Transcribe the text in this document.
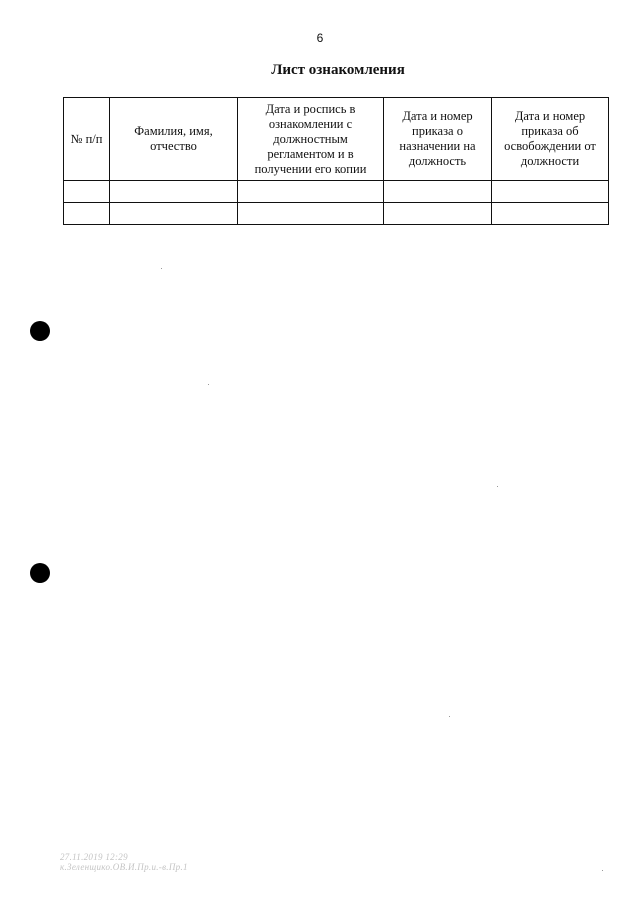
6
Лист ознакомления
№ п/п	Фамилия, имя, отчество	Дата и роспись в ознакомлении с должностным регламентом и в получении его копии	Дата и номер приказа о назначении на должность	Дата и номер приказа об освобождении от должности

27.11.2019 12:29
к.Зеленщико.ОВ.И.Пр.и.-в.Пр.1
